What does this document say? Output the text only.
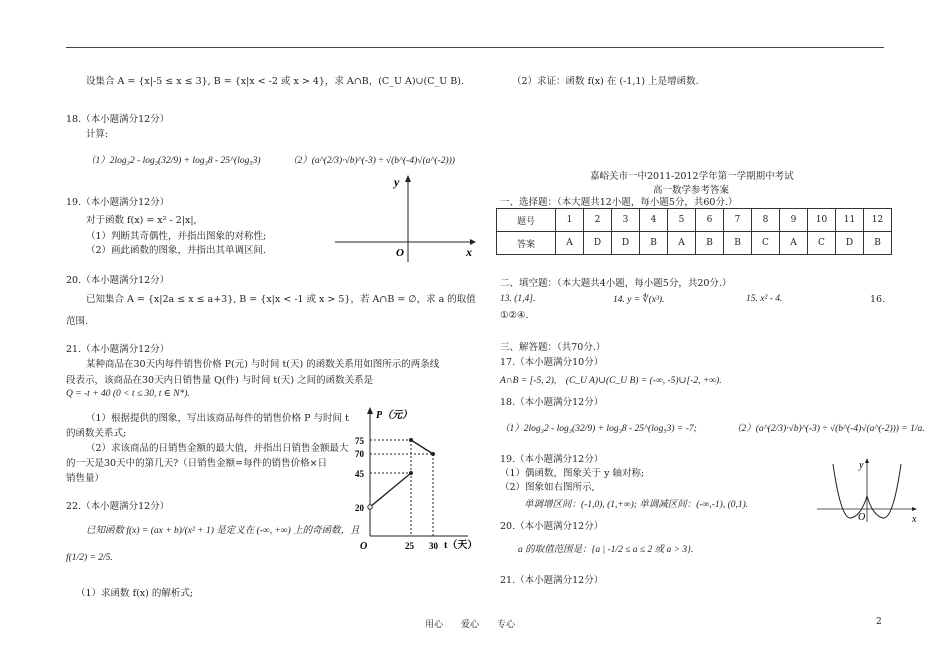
设集合 A = {x|-5 ≤ x ≤ 3}, B = {x|x < -2 或 x > 4}，求 A∩B，(C_U A)∪(C_U B).
18.（本小题满分12分）
计算:
（1）2log₃2 - log₃(32/9) + log₃8 - 25^(log₅3)	（2）(a^(2/3)·√b)^(-3) ÷ √(b^(-4)√(a^(-2)))
19.（本小题满分12分）
对于函数 f(x) = x² - 2|x|,
（1）判断其奇偶性，并指出图象的对称性;
（2）画此函数的图象，并指出其单调区间.
y
x
O
20.（本小题满分12分）
已知集合 A = {x|2a ≤ x ≤ a+3}, B = {x|x < -1 或 x > 5}，若 A∩B = ∅，求 a 的取值
范围.
21.（本小题满分12分）
某种商品在30天内每件销售价格 P(元) 与时间 t(天) 的函数关系用如图所示的两条线
段表示，该商品在30天内日销售量 Q(件) 与时间 t(天) 之间的函数关系是
Q = -t + 40 (0 < t ≤ 30, t ∈ N*).
（1）根据提供的图象，写出该商品每件的销售价格 P 与时间 t
的函数关系式;
（2）求该商品的日销售金额的最大值，并指出日销售金额最大
的一天是30天中的第几天?（日销售金额=每件的销售价格×日
销售量）
P（元）
t（天）
O
75
70
45
20
25 30
22.（本小题满分12分）
已知函数 f(x) = (ax + b)/(x² + 1) 是定义在 (-∞, +∞) 上的奇函数，且
f(1/2) = 2/5.
（1）求函数 f(x) 的解析式;
（2）求证：函数 f(x) 在 (-1,1) 上是增函数.
嘉峪关市一中2011-2012学年第一学期期中考试
高一数学参考答案
一、选择题：（本大题共12小题，每小题5分，共60分.）
题号	1	2	3	4	5	6	7	8	9	10	11	12
答案	A	D	D	B	A	B	B	C	A	C	D	B
二、填空题：（本大题共4小题，每小题5分，共20分.）
13. (1,4].	14. y = ∜(x³).	15. x² - 4.	16.
①②④.
三、解答题：（共70分.）
17.（本小题满分10分）
A∩B = [-5, 2),　(C_U A)∪(C_U B) = (-∞, -5)∪[-2, +∞).
18.（本小题满分12分）
（1）2log₃2 - log₃(32/9) + log₃8 - 25^(log₅3) = -7;	（2）(a^(2/3)·√b)^(-3) ÷ √(b^(-4)√(a^(-2))) = 1/a.
19.（本小题满分12分）
（1）偶函数，图象关于 y 轴对称;
（2）图象如右图所示,
单调增区间：(-1,0), (1,+∞); 单调减区间：(-∞,-1), (0,1).
y
x
O
20.（本小题满分12分）
a 的取值范围是：{a | -1/2 ≤ a ≤ 2 或 a > 3}.
21.（本小题满分12分）
用心　　爱心　　专心	2
